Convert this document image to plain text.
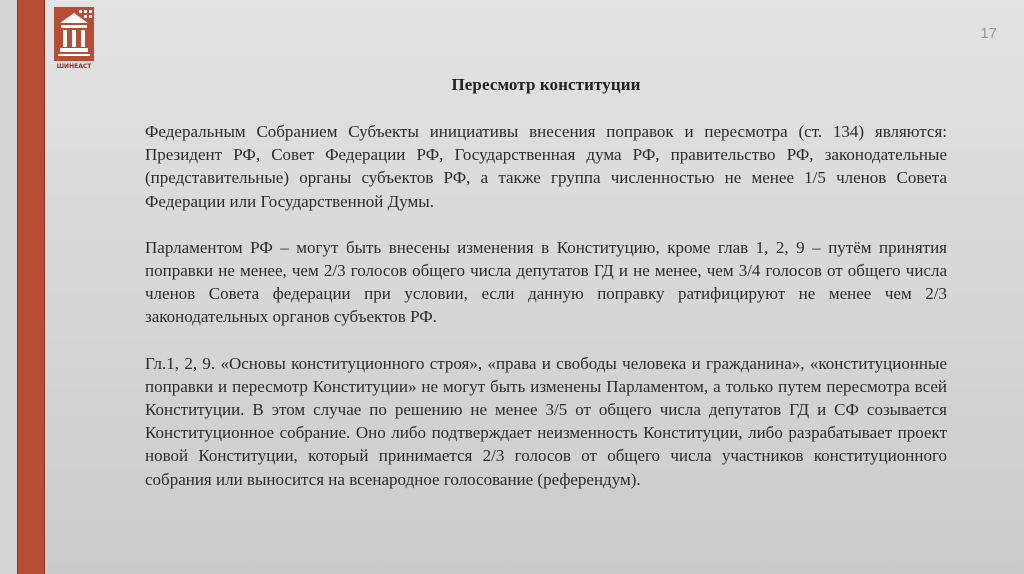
ШИНЕАСТ
17
Пересмотр конституции

Федеральным Собранием Субъекты инициативы внесения поправок и пересмотра (ст. 134) являются: Президент РФ, Совет Федерации РФ, Государственная дума РФ, правительство РФ, законодательные (представительные) органы субъектов РФ, а также группа численностью не менее 1/5 членов Совета Федерации или Государственной Думы.

Парламентом РФ – могут быть внесены изменения в Конституцию, кроме глав 1, 2, 9 – путём принятия поправки не менее, чем 2/3 голосов общего числа депутатов ГД и не менее, чем 3/4 голосов от общего числа членов Совета федерации при условии, если данную поправку ратифицируют не менее чем 2/3 законодательных органов субъектов РФ.

Гл.1, 2, 9. «Основы конституционного строя», «права и свободы человека и гражданина», «конституционные поправки и пересмотр Конституции» не могут быть изменены Парламентом, а только путем пересмотра всей Конституции. В этом случае по решению не менее 3/5 от общего числа депутатов ГД и СФ созывается Конституционное собрание. Оно либо подтверждает неизменность Конституции, либо разрабатывает проект новой Конституции, который принимается 2/3 голосов от общего числа участников конституционного собрания или выносится на всенародное голосование (референдум).
